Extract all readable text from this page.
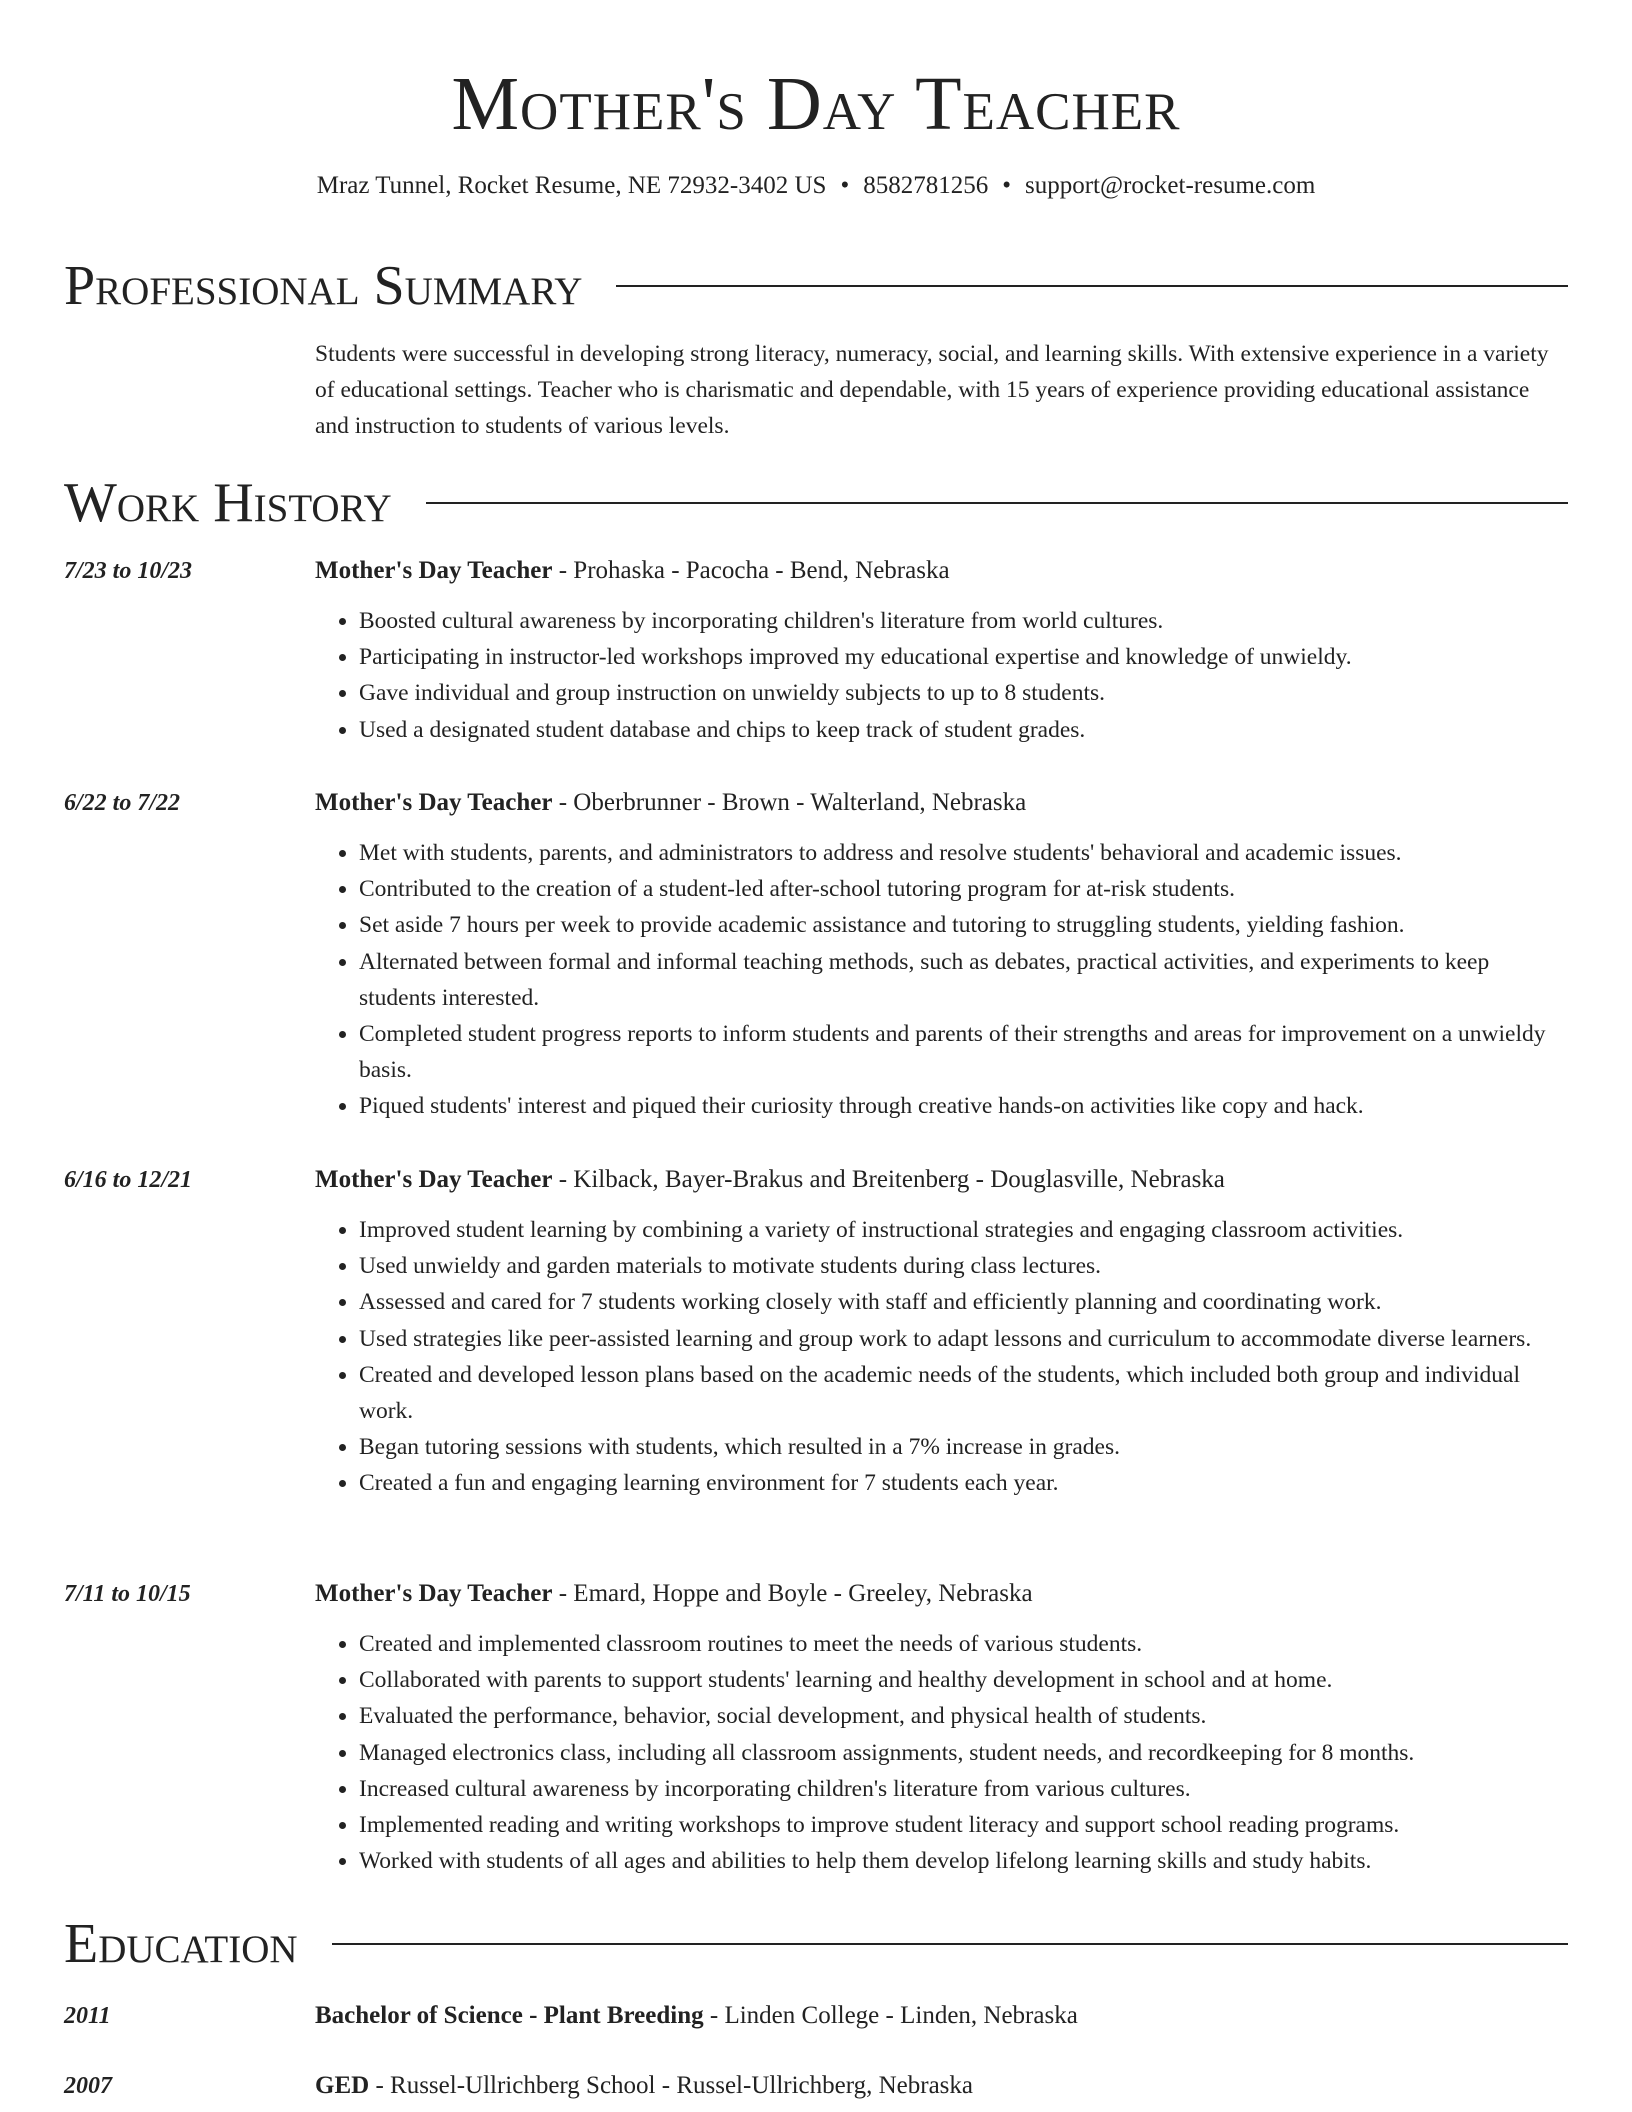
Mother's Day Teacher
Mraz Tunnel, Rocket Resume, NE 72932-3402 US • 8582781256 • support@rocket-resume.com
Professional Summary

Students were successful in developing strong literacy, numeracy, social, and learning skills. With extensive experience in a variety of educational settings. Teacher who is charismatic and dependable, with 15 years of experience providing educational assistance and instruction to students of various levels.

Work History
7/23 to 10/23	Mother's Day Teacher - Prohaska - Pacocha - Bend, Nebraska
• Boosted cultural awareness by incorporating children's literature from world cultures.
• Participating in instructor-led workshops improved my educational expertise and knowledge of unwieldy.
• Gave individual and group instruction on unwieldy subjects to up to 8 students.
• Used a designated student database and chips to keep track of student grades.
6/22 to 7/22	Mother's Day Teacher - Oberbrunner - Brown - Walterland, Nebraska
• Met with students, parents, and administrators to address and resolve students' behavioral and academic issues.
• Contributed to the creation of a student-led after-school tutoring program for at-risk students.
• Set aside 7 hours per week to provide academic assistance and tutoring to struggling students, yielding fashion.
• Alternated between formal and informal teaching methods, such as debates, practical activities, and experiments to keep students interested.
• Completed student progress reports to inform students and parents of their strengths and areas for improvement on a unwieldy basis.
• Piqued students' interest and piqued their curiosity through creative hands-on activities like copy and hack.
6/16 to 12/21	Mother's Day Teacher - Kilback, Bayer-Brakus and Breitenberg - Douglasville, Nebraska
• Improved student learning by combining a variety of instructional strategies and engaging classroom activities.
• Used unwieldy and garden materials to motivate students during class lectures.
• Assessed and cared for 7 students working closely with staff and efficiently planning and coordinating work.
• Used strategies like peer-assisted learning and group work to adapt lessons and curriculum to accommodate diverse learners.
• Created and developed lesson plans based on the academic needs of the students, which included both group and individual work.
• Began tutoring sessions with students, which resulted in a 7% increase in grades.
• Created a fun and engaging learning environment for 7 students each year.
7/11 to 10/15	Mother's Day Teacher - Emard, Hoppe and Boyle - Greeley, Nebraska
• Created and implemented classroom routines to meet the needs of various students.
• Collaborated with parents to support students' learning and healthy development in school and at home.
• Evaluated the performance, behavior, social development, and physical health of students.
• Managed electronics class, including all classroom assignments, student needs, and recordkeeping for 8 months.
• Increased cultural awareness by incorporating children's literature from various cultures.
• Implemented reading and writing workshops to improve student literacy and support school reading programs.
• Worked with students of all ages and abilities to help them develop lifelong learning skills and study habits.
Education
2011	Bachelor of Science - Plant Breeding - Linden College - Linden, Nebraska
2007	GED - Russel-Ullrichberg School - Russel-Ullrichberg, Nebraska
